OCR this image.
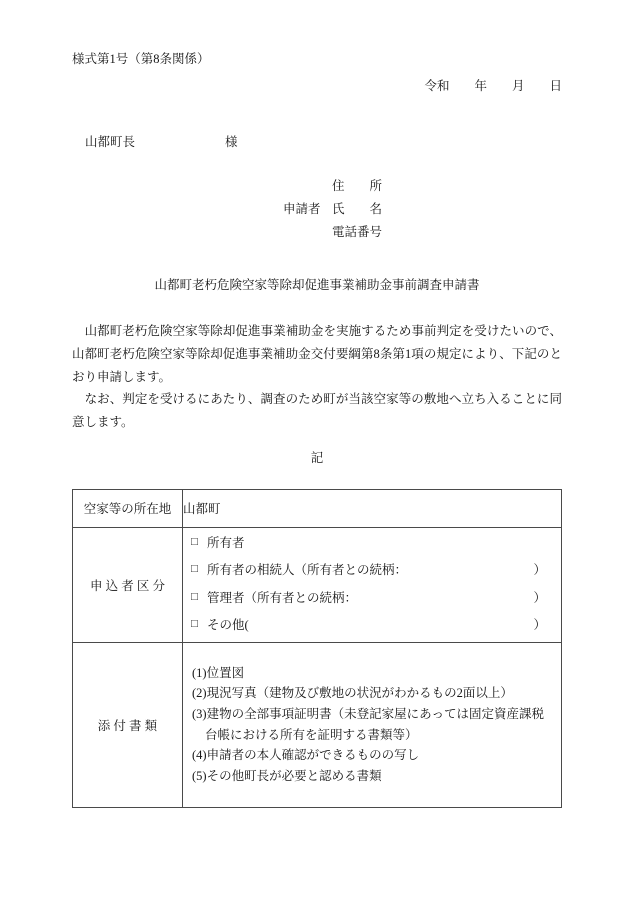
様式第1号（第8条関係）
令和　　年　　月　　日
山都町長	様
住　　所
申請者 氏　　名
電話番号
山都町老朽危険空家等除却促進事業補助金事前調査申請書

　山都町老朽危険空家等除却促進事業補助金を実施するため事前判定を受けたいので、山都町老朽危険空家等除却促進事業補助金交付要綱第8条第1項の規定により、下記のとおり申請します。

　なお、判定を受けるにあたり、調査のため町が当該空家等の敷地へ立ち入ることに同意します。

記
空家等の所在地	山都町
申 込 者 区 分	
□ 所有者
□ 所有者の相続人（所有者との続柄：	）
□ 管理者（所有者との続柄：	）
□ その他(	）

添 付 書 類	(1)位置図
(2)現況写真（建物及び敷地の状況がわかるもの2面以上）
(3)建物の全部事項証明書（未登記家屋にあっては固定資産課税台帳における所有を証明する書類等）
(4)申請者の本人確認ができるものの写し
(5)その他町長が必要と認める書類
